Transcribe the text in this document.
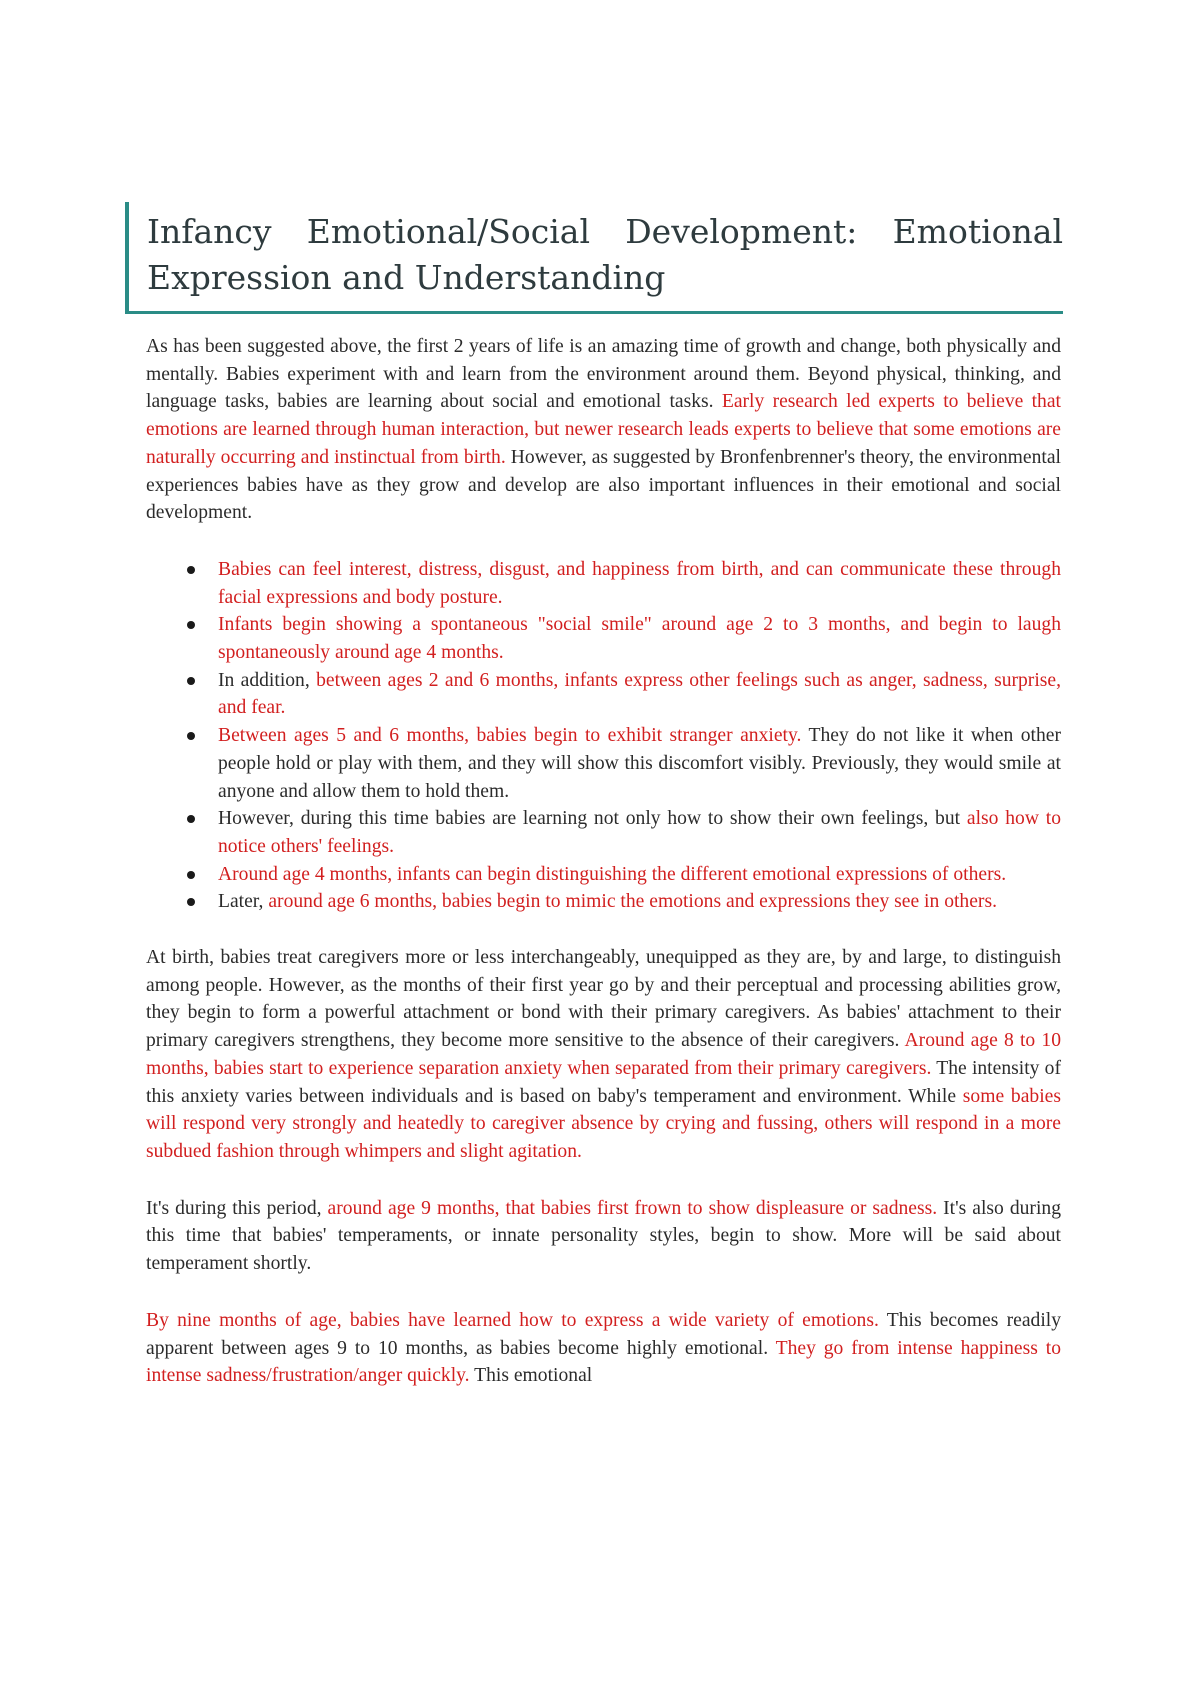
Infancy Emotional/Social Development: Emotional Expression and Understanding

As has been suggested above, the first 2 years of life is an amazing time of growth and change, both physically and mentally. Babies experiment with and learn from the environment around them. Beyond physical, thinking, and language tasks, babies are learning about social and emotional tasks. Early research led experts to believe that emotions are learned through human interaction, but newer research leads experts to believe that some emotions are naturally occurring and instinctual from birth. However, as suggested by Bronfenbrenner's theory, the environmental experiences babies have as they grow and develop are also important influences in their emotional and social development.

Babies can feel interest, distress, disgust, and happiness from birth, and can communicate these through facial expressions and body posture.
Infants begin showing a spontaneous "social smile" around age 2 to 3 months, and begin to laugh spontaneously around age 4 months.
In addition, between ages 2 and 6 months, infants express other feelings such as anger, sadness, surprise, and fear.
Between ages 5 and 6 months, babies begin to exhibit stranger anxiety. They do not like it when other people hold or play with them, and they will show this discomfort visibly. Previously, they would smile at anyone and allow them to hold them.
However, during this time babies are learning not only how to show their own feelings, but also how to notice others' feelings.
Around age 4 months, infants can begin distinguishing the different emotional expressions of others.
Later, around age 6 months, babies begin to mimic the emotions and expressions they see in others.

At birth, babies treat caregivers more or less interchangeably, unequipped as they are, by and large, to distinguish among people. However, as the months of their first year go by and their perceptual and processing abilities grow, they begin to form a powerful attachment or bond with their primary caregivers. As babies' attachment to their primary caregivers strengthens, they become more sensitive to the absence of their caregivers. Around age 8 to 10 months, babies start to experience separation anxiety when separated from their primary caregivers. The intensity of this anxiety varies between individuals and is based on baby's temperament and environment. While some babies will respond very strongly and heatedly to caregiver absence by crying and fussing, others will respond in a more subdued fashion through whimpers and slight agitation.

It's during this period, around age 9 months, that babies first frown to show displeasure or sadness. It's also during this time that babies' temperaments, or innate personality styles, begin to show. More will be said about temperament shortly.

By nine months of age, babies have learned how to express a wide variety of emotions. This becomes readily apparent between ages 9 to 10 months, as babies become highly emotional. They go from intense happiness to intense sadness/frustration/anger quickly. This emotional
